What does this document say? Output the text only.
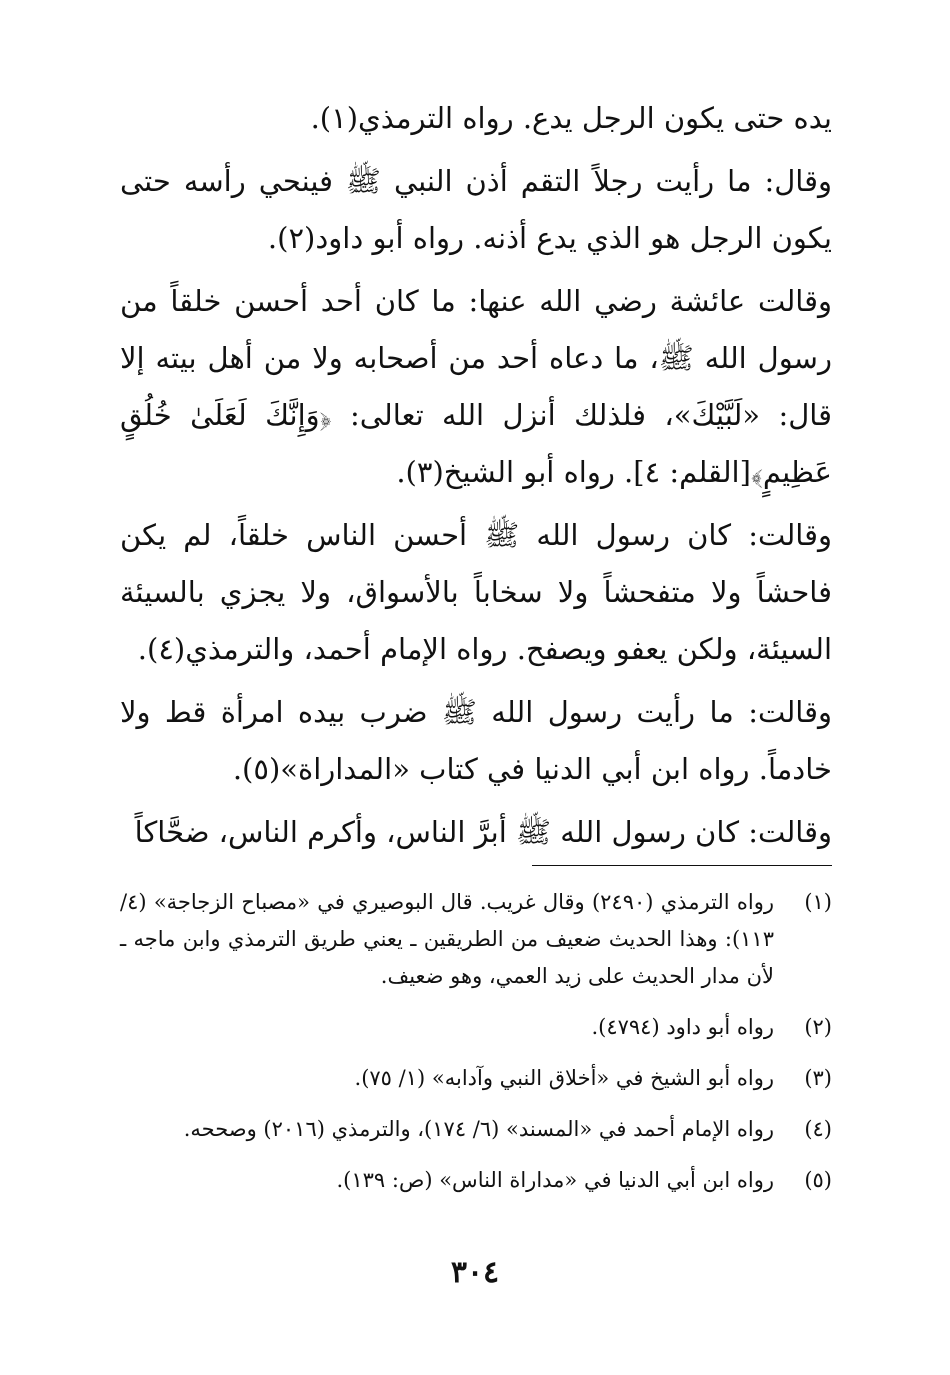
يده حتى يكون الرجل يدع. رواه الترمذي(١).

وقال: ما رأيت رجلاً التقم أذن النبي ﷺ فينحي رأسه حتى يكون الرجل هو الذي يدع أذنه. رواه أبو داود(٢).

وقالت عائشة رضي الله عنها: ما كان أحد أحسن خلقاً من رسول الله ﷺ، ما دعاه أحد من أصحابه ولا من أهل بيته إلا قال: «لَبَّيْكَ»، فلذلك أنزل الله تعالى: ﴿وَإِنَّكَ لَعَلَىٰ خُلُقٍ عَظِيمٍ﴾[القلم: ٤]. رواه أبو الشيخ(٣).

وقالت: كان رسول الله ﷺ أحسن الناس خلقاً، لم يكن فاحشاً ولا متفحشاً ولا سخاباً بالأسواق، ولا يجزي بالسيئة السيئة، ولكن يعفو ويصفح. رواه الإمام أحمد، والترمذي(٤).

وقالت: ما رأيت رسول الله ﷺ ضرب بيده امرأة قط ولا خادماً. رواه ابن أبي الدنيا في كتاب «المداراة»(٥).

وقالت: كان رسول الله ﷺ أبرَّ الناس، وأكرم الناس، ضحَّاكاً

(١)
رواه الترمذي (٢٤٩٠) وقال غريب. قال البوصيري في «مصباح الزجاجة» (٤/ ١١٣): وهذا الحديث ضعيف من الطريقين ـ يعني طريق الترمذي وابن ماجه ـ لأن مدار الحديث على زيد العمي، وهو ضعيف.
(٢)
رواه أبو داود (٤٧٩٤).
(٣)
رواه أبو الشيخ في «أخلاق النبي وآدابه» (١/ ٧٥).
(٤)
رواه الإمام أحمد في «المسند» (٦/ ١٧٤)، والترمذي (٢٠١٦) وصححه.
(٥)
رواه ابن أبي الدنيا في «مداراة الناس» (ص: ١٣٩).
٣٠٤
